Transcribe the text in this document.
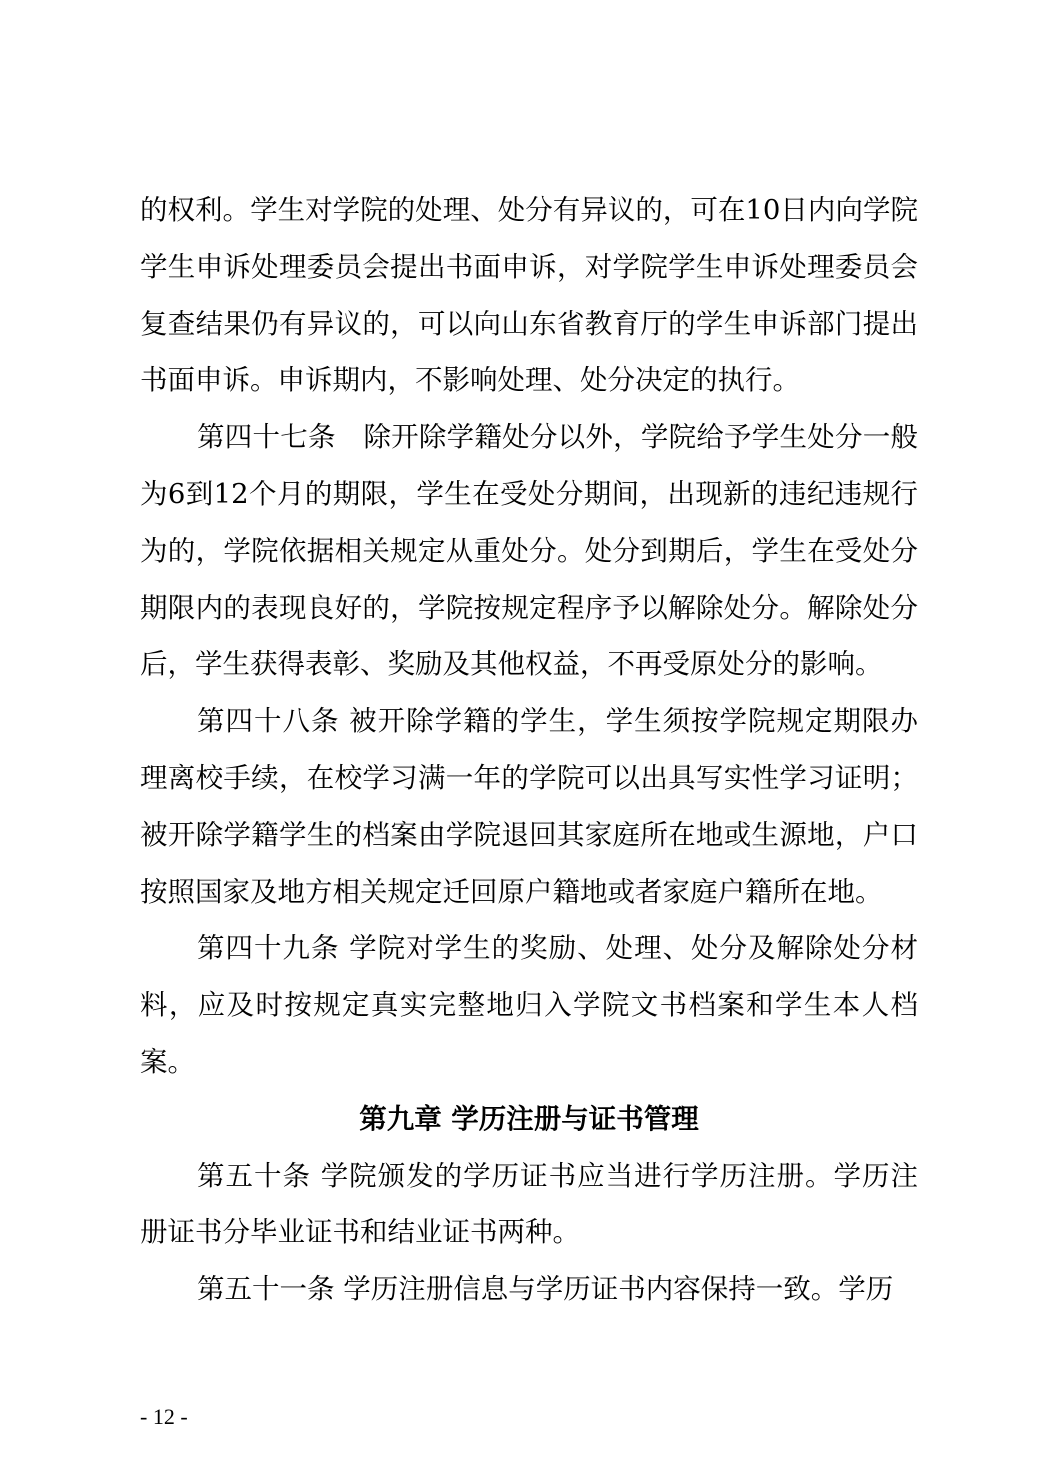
的权利。学生对学院的处理、处分有异议的，可在10日内向学院学生申诉处理委员会提出书面申诉，对学院学生申诉处理委员会复查结果仍有异议的，可以向山东省教育厅的学生申诉部门提出书面申诉。申诉期内，不影响处理、处分决定的执行。

第四十七条　除开除学籍处分以外，学院给予学生处分一般为6到12个月的期限，学生在受处分期间，出现新的违纪违规行为的，学院依据相关规定从重处分。处分到期后，学生在受处分期限内的表现良好的，学院按规定程序予以解除处分。解除处分后，学生获得表彰、奖励及其他权益，不再受原处分的影响。

第四十八条 被开除学籍的学生，学生须按学院规定期限办理离校手续，在校学习满一年的学院可以出具写实性学习证明；被开除学籍学生的档案由学院退回其家庭所在地或生源地，户口按照国家及地方相关规定迁回原户籍地或者家庭户籍所在地。

第四十九条 学院对学生的奖励、处理、处分及解除处分材料，应及时按规定真实完整地归入学院文书档案和学生本人档案。

第九章 学历注册与证书管理

第五十条 学院颁发的学历证书应当进行学历注册。学历注册证书分毕业证书和结业证书两种。

第五十一条 学历注册信息与学历证书内容保持一致。学历

- 12 -
